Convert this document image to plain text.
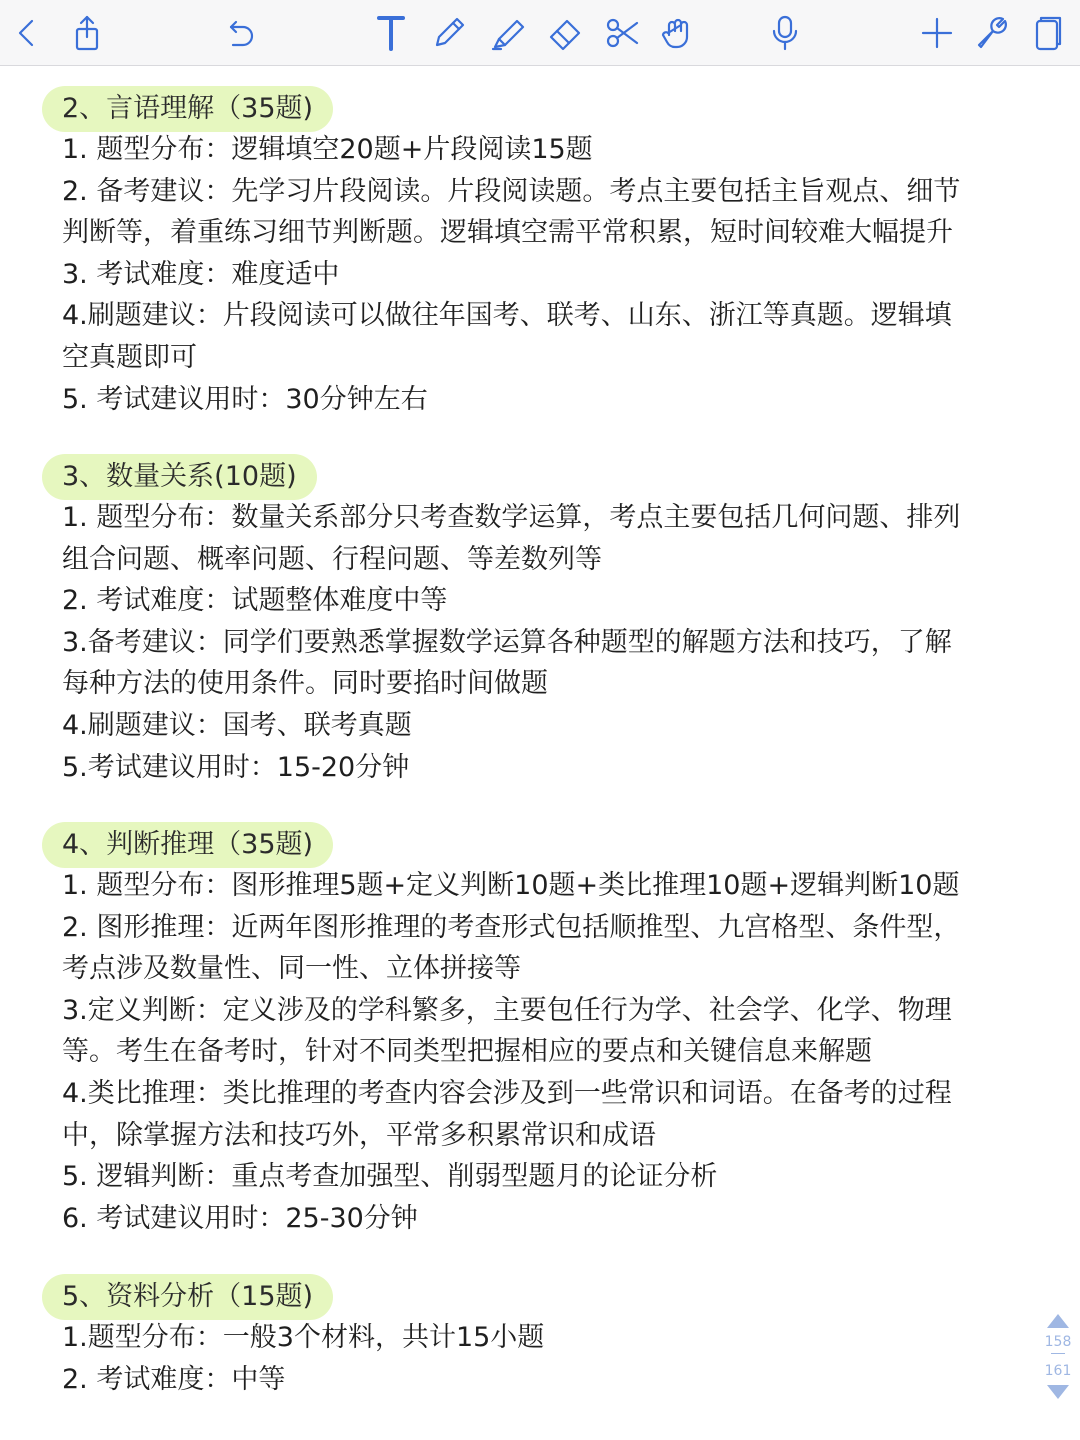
2、言语理解（35题)
1. 题型分布：逻辑填空20题+片段阅读15题
2. 备考建议：先学习片段阅读。片段阅读题。考点主要包括主旨观点、细节
判断等，着重练习细节判断题。逻辑填空需平常积累，短时间较难大幅提升
3. 考试难度：难度适中
4.刷题建议：片段阅读可以做往年国考、联考、山东、浙江等真题。逻辑填
空真题即可
5. 考试建议用时：30分钟左右
3、数量关系(10题)
1. 题型分布：数量关系部分只考查数学运算，考点主要包括几何问题、排列
组合问题、概率问题、行程问题、等差数列等
2. 考试难度：试题整体难度中等
3.备考建议：同学们要熟悉掌握数学运算各种题型的解题方法和技巧，了解
每种方法的使用条件。同时要掐时间做题
4.刷题建议：国考、联考真题
5.考试建议用时：15-20分钟
4、判断推理（35题)
1. 题型分布：图形推理5题+定义判断10题+类比推理10题+逻辑判断10题
2. 图形推理：近两年图形推理的考查形式包括顺推型、九宫格型、条件型，
考点涉及数量性、同一性、立体拼接等
3.定义判断：定义涉及的学科繁多，主要包任行为学、社会学、化学、物理
等。考生在备考时，针对不同类型把握相应的要点和关键信息来解题
4.类比推理：类比推理的考查内容会涉及到一些常识和词语。在备考的过程
中，除掌握方法和技巧外，平常多积累常识和成语
5. 逻辑判断：重点考查加强型、削弱型题月的论证分析
6. 考试建议用时：25-30分钟
5、资料分析（15题)
1.题型分布：一般3个材料，共计15小题
2. 考试难度：中等
158
161
